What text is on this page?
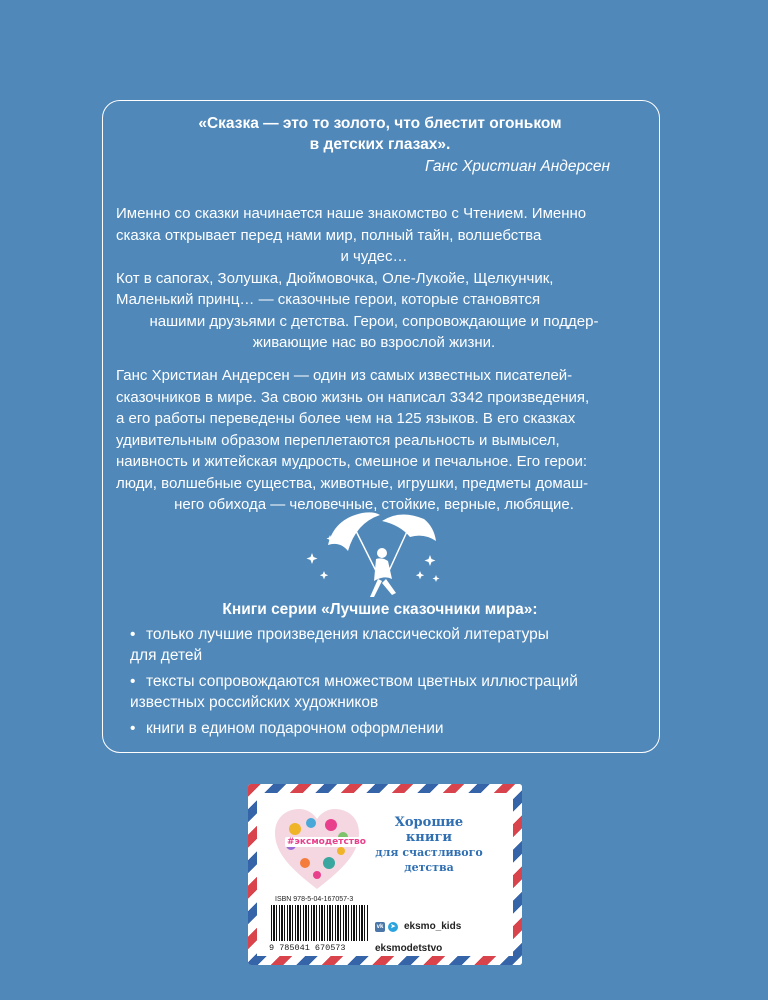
«Сказка — это то золото, что блестит огоньком
в детских глазах».
Ганс Христиан Андерсен
Именно со сказки начинается наше знакомство с Чтением. Именно
сказка открывает перед нами мир, полный тайн, волшебства
и чудес…
Кот в сапогах, Золушка, Дюймовочка, Оле-Лукойе, Щелкунчик,
Маленький принц… — сказочные герои, которые становятся
нашими друзьями с детства. Герои, сопровождающие и поддер-
живающие нас во взрослой жизни.
Ганс Христиан Андерсен — один из самых известных писателей-
сказочников в мире. За свою жизнь он написал 3342 произведения,
а его работы переведены более чем на 125 языков. В его сказках
удивительным образом переплетаются реальность и вымысел,
наивность и житейская мудрость, смешное и печальное. Его герои:
люди, волшебные существа, животные, игрушки, предметы домаш-
него обихода — человечные, стойкие, верные, любящие.
Книги серии «Лучшие сказочники мира»:
• только лучшие произведения классической литературы
для детей
• тексты сопровождаются множеством цветных иллюстраций
известных российских художников
• книги в едином подарочном оформлении
#эксмодетство
Хорошие
книги
для счастливого
детства
ISBN 978-5-04-167057-3
9 785041 670573
vk	➤ eksmo_kids
eksmodetstvo
